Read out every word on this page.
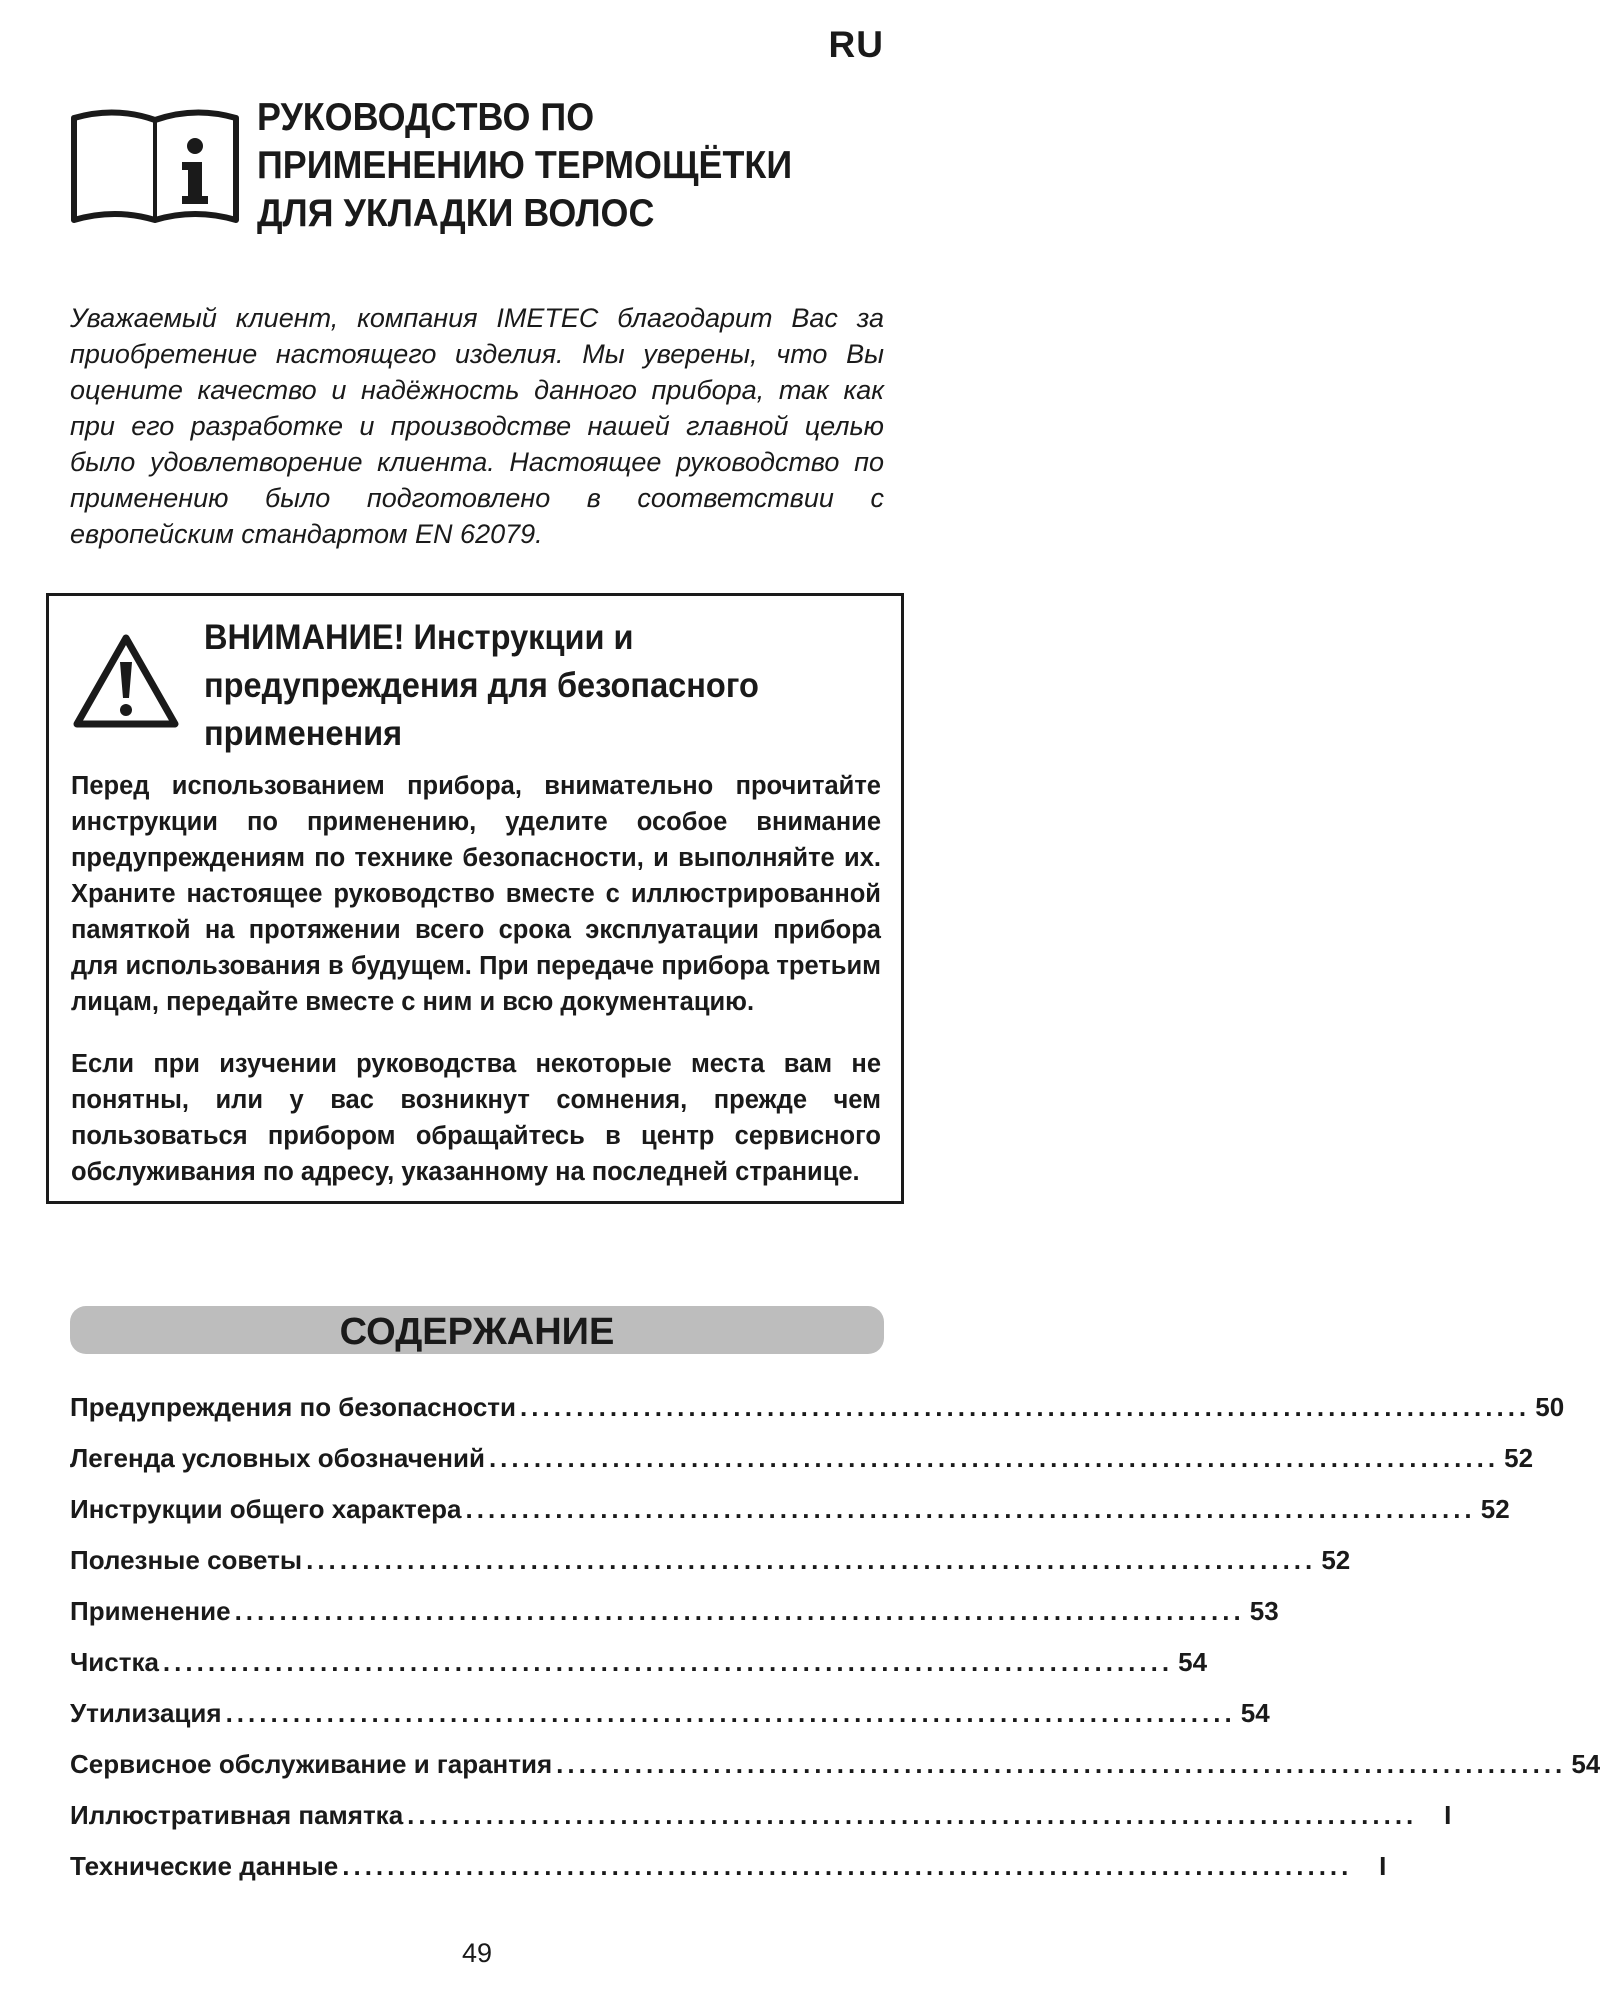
RU
РУКОВОДСТВО ПО ПРИМЕНЕНИЮ ТЕРМОЩЁТКИ ДЛЯ УКЛАДКИ ВОЛОС
Уважаемый клиент, компания IMETEC благодарит Вас за приобретение настоящего изделия. Мы уверены, что Вы оцените качество и надёжность данного прибора, так как при его разработке и производстве нашей главной целью было удовлетворение клиента. Настоящее руководство по применению было подготовлено в соответствии с европейским стандартом EN 62079.
ВНИМАНИЕ! Инструкции и предупреждения для безопасного применения
Перед использованием прибора, внимательно прочитайте инструкции по применению, уделите особое внимание предупреждениям по технике безопасности, и выполняйте их. Храните настоящее руководство вместе с иллюстрированной памяткой на протяжении всего срока эксплуатации прибора для использования в будущем. При передаче прибора третьим лицам, передайте вместе с ним и всю документацию.
Если при изучении руководства некоторые места вам не понятны, или у вас возникнут сомнения, прежде чем пользоваться прибором обращайтесь в центр сервисного обслуживания по адресу, указанному на последней странице.
СОДЕРЖАНИЕ
Предупреждения по безопасности .......................................................................................... 50
Легенда условных обозначений .......................................................................................... 52
Инструкции общего характера .......................................................................................... 52
Полезные советы .......................................................................................... 52
Применение .......................................................................................... 53
Чистка .......................................................................................... 54
Утилизация .......................................................................................... 54
Сервисное обслуживание и гарантия .......................................................................................... 54
Иллюстративная памятка ..........................................................................................	I
Технические данные ..........................................................................................	I
49
